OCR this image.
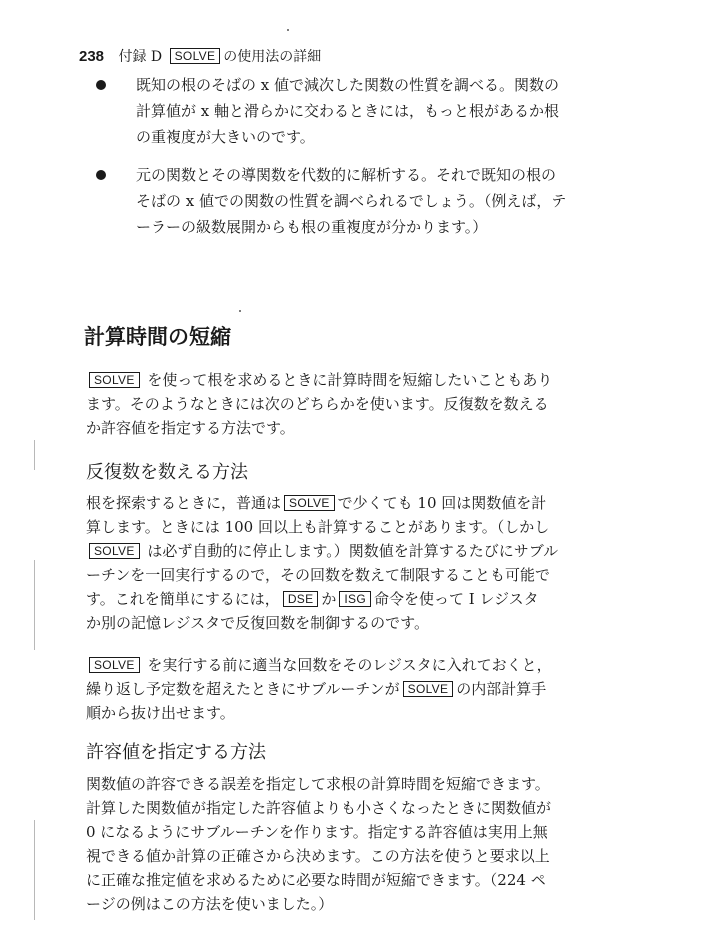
238 付録 D SOLVE の使用法の詳細
既知の根のそばの x 値で減次した関数の性質を調べる。関数の
計算値が x 軸と滑らかに交わるときには，もっと根があるか根
の重複度が大きいのです。
元の関数とその導関数を代数的に解析する。それで既知の根の
そばの x 値での関数の性質を調べられるでしょう。（例えば，テ
ーラーの級数展開からも根の重複度が分かります。）
計算時間の短縮
SOLVE を使って根を求めるときに計算時間を短縮したいこともあり
ます。そのようなときには次のどちらかを使います。反復数を数える
か許容値を指定する方法です。
反復数を数える方法
根を探索するときに，普通は SOLVE で少くても 10 回は関数値を計
算します。ときには 100 回以上も計算することがあります。（しかし
SOLVE は必ず自動的に停止します。）関数値を計算するたびにサブル
ーチンを一回実行するので，その回数を数えて制限することも可能で
す。これを簡単にするには， DSE か ISG 命令を使って I レジスタ
か別の記憶レジスタで反復回数を制御するのです。
SOLVE を実行する前に適当な回数をそのレジスタに入れておくと，
繰り返し予定数を超えたときにサブルーチンが SOLVE の内部計算手
順から抜け出せます。
許容値を指定する方法
関数値の許容できる誤差を指定して求根の計算時間を短縮できます。
計算した関数値が指定した許容値よりも小さくなったときに関数値が
0 になるようにサブルーチンを作ります。指定する許容値は実用上無
視できる値か計算の正確さから決めます。この方法を使うと要求以上
に正確な推定値を求めるために必要な時間が短縮できます。（224 ペ
ージの例はこの方法を使いました。）
